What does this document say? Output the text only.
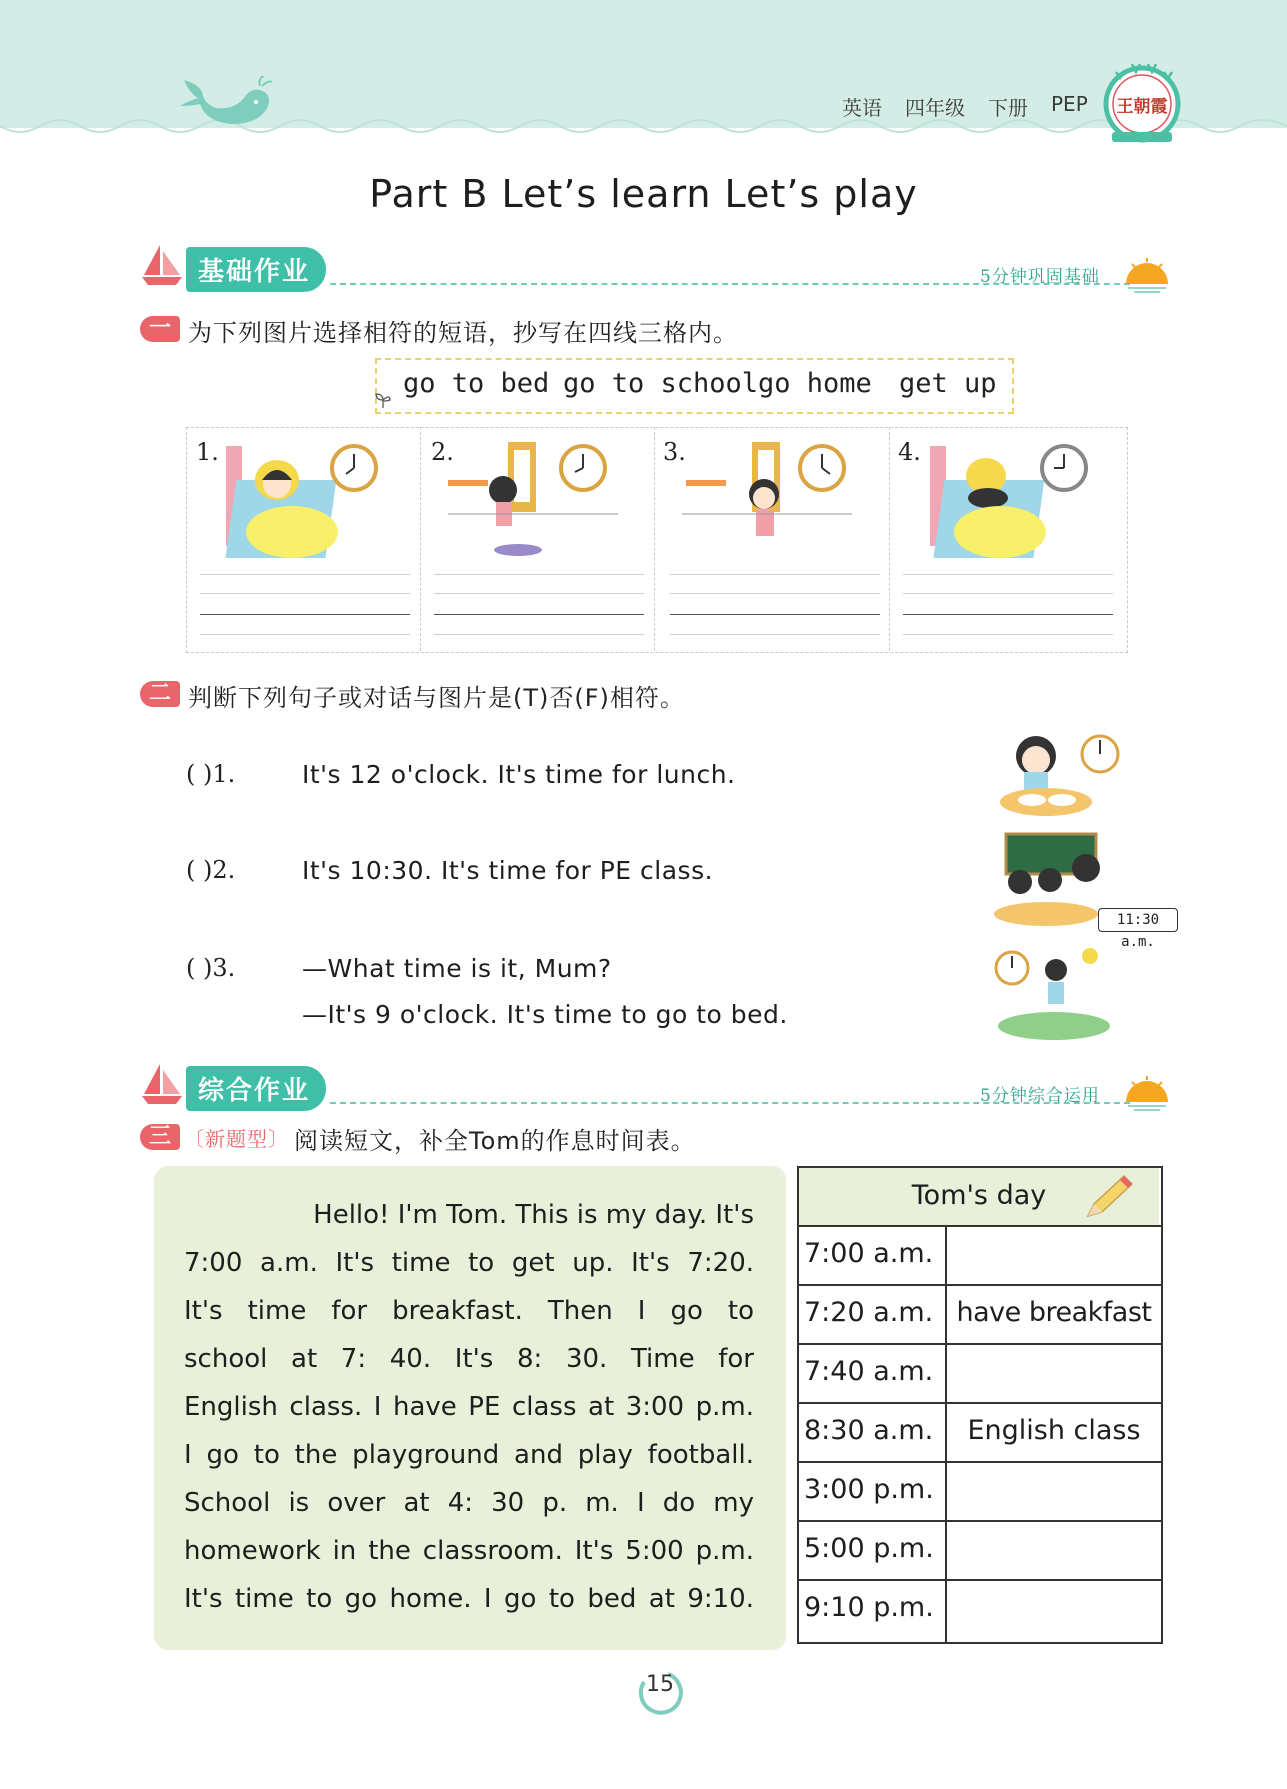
英语 四年级 下册 PEP	王朝霞
Part B Let’s learn Let’s play
基础作业	5分钟巩固基础
一 为下列图片选择相符的短语，抄写在四线三格内。
go to bed go to school go home get up
1.	2.	3.	4.
二 判断下列句子或对话与图片是(T)否(F)相符。
( )1.	It's 12 o'clock. It's time for lunch.
( )2.	It's 10:30. It's time for PE class.
( )3.	—What time is it, Mum?
—It's 9 o'clock. It's time to go to bed.
11:30 a.m.
综合作业	5分钟综合运用
三 〔新题型〕 阅读短文，补全Tom的作息时间表。
Hello! I'm Tom. This is my day. It's
7:00 a.m. It's time to get up. It's 7:20.
It's time for breakfast. Then I go to
school at 7: 40. It's 8: 30. Time for
English class. I have PE class at 3:00 p.m.
I go to the playground and play football.
School is over at 4: 30 p. m. I do my
homework in the classroom. It's 5:00 p.m.
It's time to go home. I go to bed at 9:10.
Tom's day
7:00 a.m.
7:20 a.m. have breakfast
7:40 a.m.
8:30 a.m.	English class
3:00 p.m.
5:00 p.m.
9:10 p.m.
15
